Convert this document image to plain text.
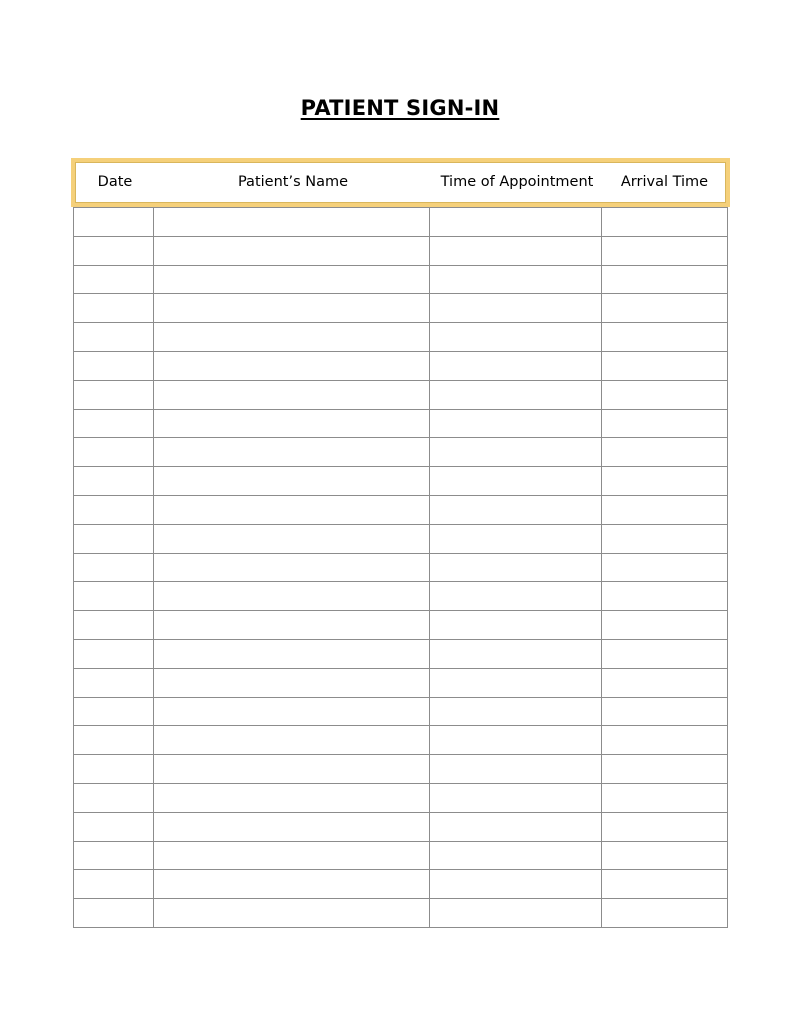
PATIENT SIGN-IN
Date	Patient’s Name	Time of Appointment	Arrival Time
